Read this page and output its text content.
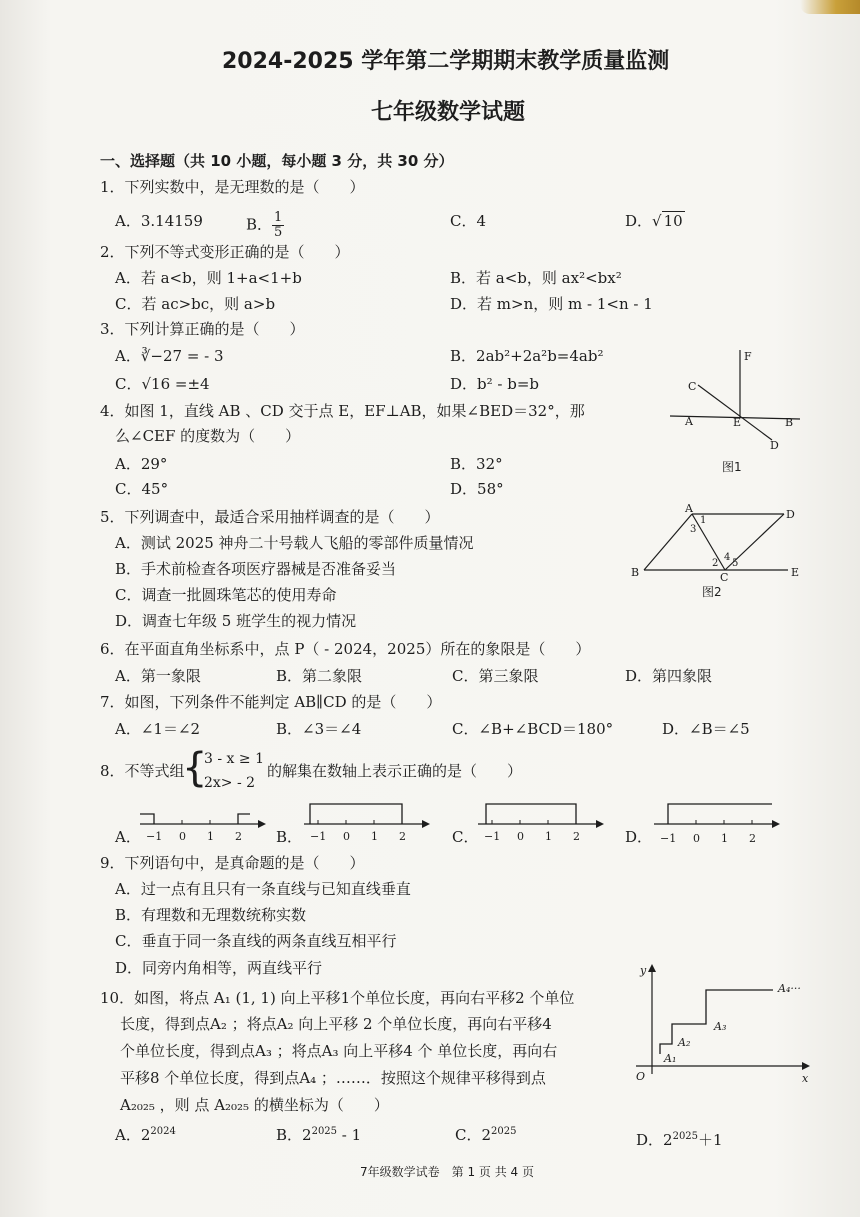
2024-2025 学年第二学期期末教学质量监测
七年级数学试题
一、选择题（共 10 小题，每小题 3 分，共 30 分）
1．下列实数中，是无理数的是（　　）
A．3.14159	B． $\frac{1}{5}$	C．4	D．√ 10
2．下列不等式变形正确的是（　　）
A．若 a<b，则 1+a<1+b	B．若 a<b，则 ax²<bx²
C．若 ac>bc，则 a>b	D．若 m>n，则 m - 1<n - 1
3．下列计算正确的是（　　）
A．∛−27 = - 3	B．2ab²+2a²b=4ab²
C．√16 =±4	D．b² - b=b
4．如图 1，直线 AB 、CD 交于点 E，EF⊥AB，如果∠BED＝32°，那
么∠CEF 的度数为（　　）
A．29°	B．32°
C．45°	D．58°
F
C
A	E	B
D
图1
5．下列调查中，最适合采用抽样调查的是（　　）
A．测试 2025 神舟二十号载人飞船的零部件质量情况
B．手术前检查各项医疗器械是否准备妥当
C．调查一批圆珠笔芯的使用寿命
D．调查七年级 5 班学生的视力情况
A	D
B	C	E
1
3
2
4
5
图2
6．在平面直角坐标系中，点 P（ - 2024，2025）所在的象限是（　　）
A．第一象限	B．第二象限	C．第三象限	D．第四象限
7．如图，下列条件不能判定 AB∥CD 的是（　　）
A．∠1＝∠2	B．∠3＝∠4	C．∠B+∠BCD＝180°	D．∠B＝∠5
8．不等式组
{
3 - x ≥ 1
2x> - 2
的解集在数轴上表示正确的是（　　）
A．	B．	C．	D．
−1 0 1 2	−1 0 1 2	−1 0 1 2	−1 0 1 2
9．下列语句中，是真命题的是（　　）
A．过一点有且只有一条直线与已知直线垂直
B．有理数和无理数统称实数
C．垂直于同一条直线的两条直线互相平行
D．同旁内角相等，两直线平行
10．如图，将点 A₁ (1, 1) 向上平移1个单位长度，再向右平移2 个单位
长度，得到点A₂ ；将点A₂ 向上平移 2 个单位长度，再向右平移4
个单位长度，得到点A₃ ；将点A₃ 向上平移4 个 单位长度，再向右
平移8 个单位长度，得到点A₄ ；……．按照这个规律平移得到点
A₂₀₂₅ ，则 点 A₂₀₂₅ 的横坐标为（　　）
A．$2^{2024}$	B．$2^{2025} - 1$	C．$2^{2025}$	D．$2^{2025}+1$
y
x
O
A₁
A₂
A₃
A₄···
7年级数学试卷　第 1 页 共 4 页
